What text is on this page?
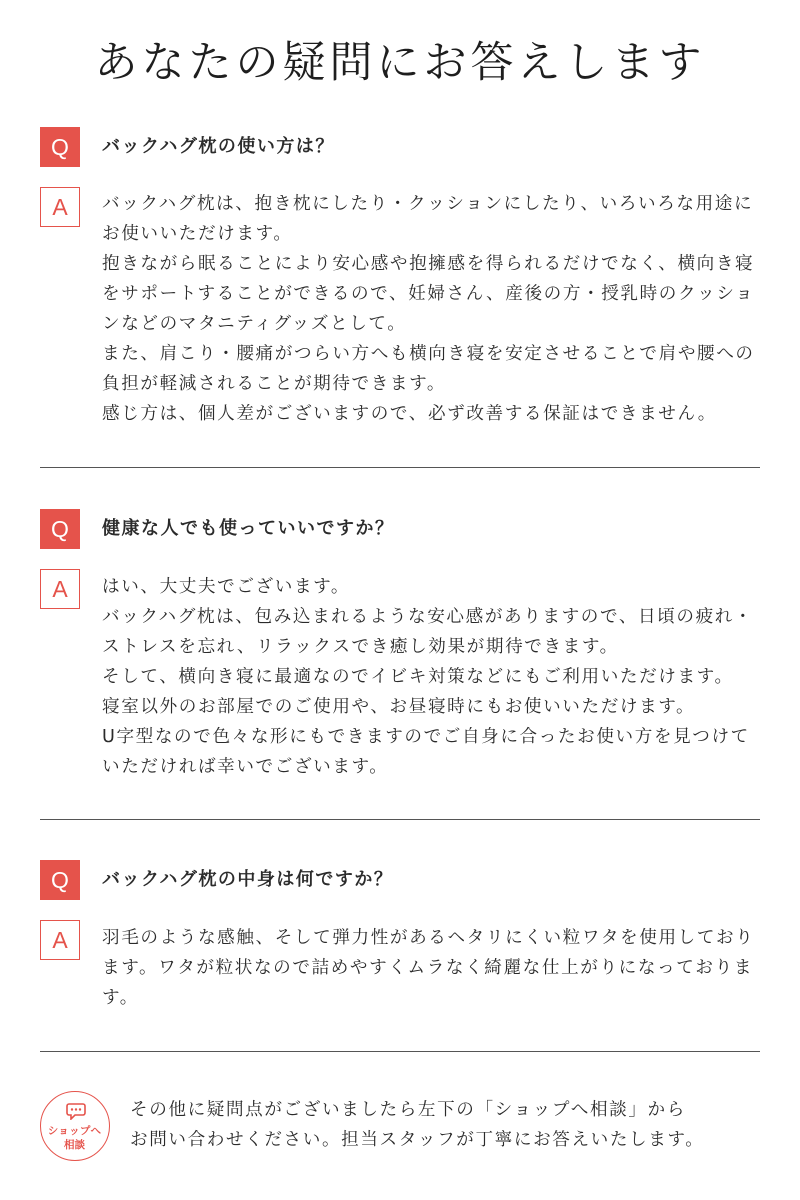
あなたの疑問にお答えします
Q	バックハグ枕の使い方は？
A	バックハグ枕は、抱き枕にしたり・クッションにしたり、いろいろな用途にお使いいただけます。

抱きながら眠ることにより安心感や抱擁感を得られるだけでなく、横向き寝をサポートすることができるので、妊婦さん、産後の方・授乳時のクッションなどのマタニティグッズとして。

また、肩こり・腰痛がつらい方へも横向き寝を安定させることで肩や腰への負担が軽減されることが期待できます。

感じ方は、個人差がございますので、必ず改善する保証はできません。

Q	健康な人でも使っていいですか？
A	はい、大丈夫でございます。

バックハグ枕は、包み込まれるような安心感がありますので、日頃の疲れ・ストレスを忘れ、リラックスでき癒し効果が期待できます。

そして、横向き寝に最適なのでイビキ対策などにもご利用いただけます。

寝室以外のお部屋でのご使用や、お昼寝時にもお使いいただけます。

U字型なので色々な形にもできますのでご自身に合ったお使い方を見つけていただければ幸いでございます。

Q	バックハグ枕の中身は何ですか？
A	羽毛のような感触、そして弾力性があるヘタリにくい粒ワタを使用しております。ワタが粒状なので詰めやすくムラなく綺麗な仕上がりになっております。

ショップへ
相談

その他に疑問点がございましたら左下の「ショップへ相談」から

お問い合わせください。担当スタッフが丁寧にお答えいたします。
